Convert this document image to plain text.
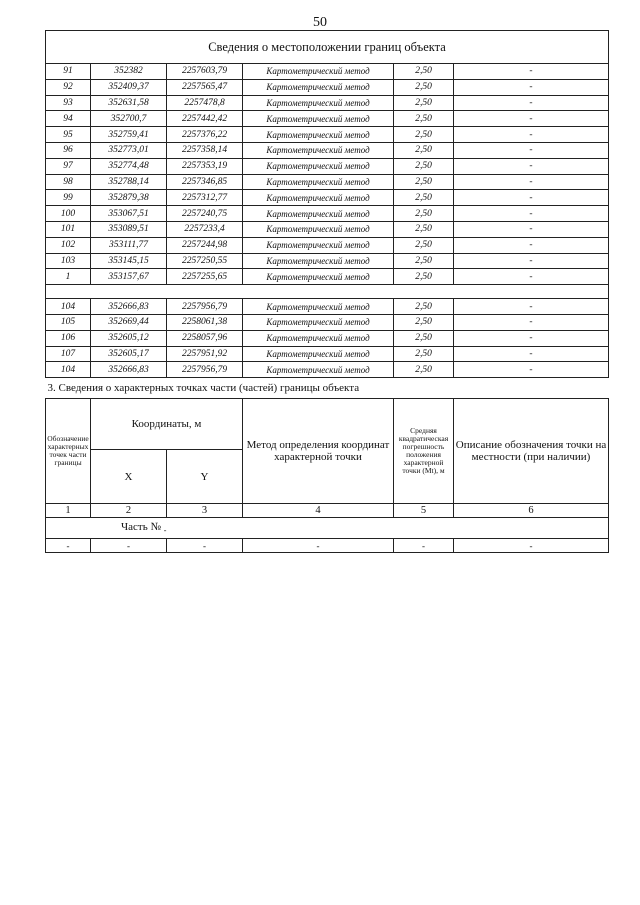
50
Сведения о местоположении границ объекта					
91	352382	2257603,79	Картометрический метод	2,50	-
92	352409,37	2257565,47	Картометрический метод	2,50	-
93	352631,58	2257478,8	Картометрический метод	2,50	-
94	352700,7	2257442,42	Картометрический метод	2,50	-
95	352759,41	2257376,22	Картометрический метод	2,50	-
96	352773,01	2257358,14	Картометрический метод	2,50	-
97	352774,48	2257353,19	Картометрический метод	2,50	-
98	352788,14	2257346,85	Картометрический метод	2,50	-
99	352879,38	2257312,77	Картометрический метод	2,50	-
100	353067,51	2257240,75	Картометрический метод	2,50	-
101	353089,51	2257233,4	Картометрический метод	2,50	-
102	353111,77	2257244,98	Картометрический метод	2,50	-
103	353145,15	2257250,55	Картометрический метод	2,50	-
1	353157,67	2257255,65	Картометрический метод	2,50	-

104	352666,83	2257956,79	Картометрический метод	2,50	-
105	352669,44	2258061,38	Картометрический метод	2,50	-
106	352605,12	2258057,96	Картометрический метод	2,50	-
107	352605,17	2257951,92	Картометрический метод	2,50	-
104	352666,83	2257956,79	Картометрический метод	2,50	-
3. Сведения о характерных точках части (частей) границы объекта					
Обозначение характерных точек части границы	Координаты, м		Метод определения координат характерной точки	Средняя квадратическая погрешность положения характерной точки (Mt), м	Описание обозначения точки на местности (при наличии)
	X	Y			
1	2	3	4	5	6
Часть № $_-$
-	-	-	-	-	-
